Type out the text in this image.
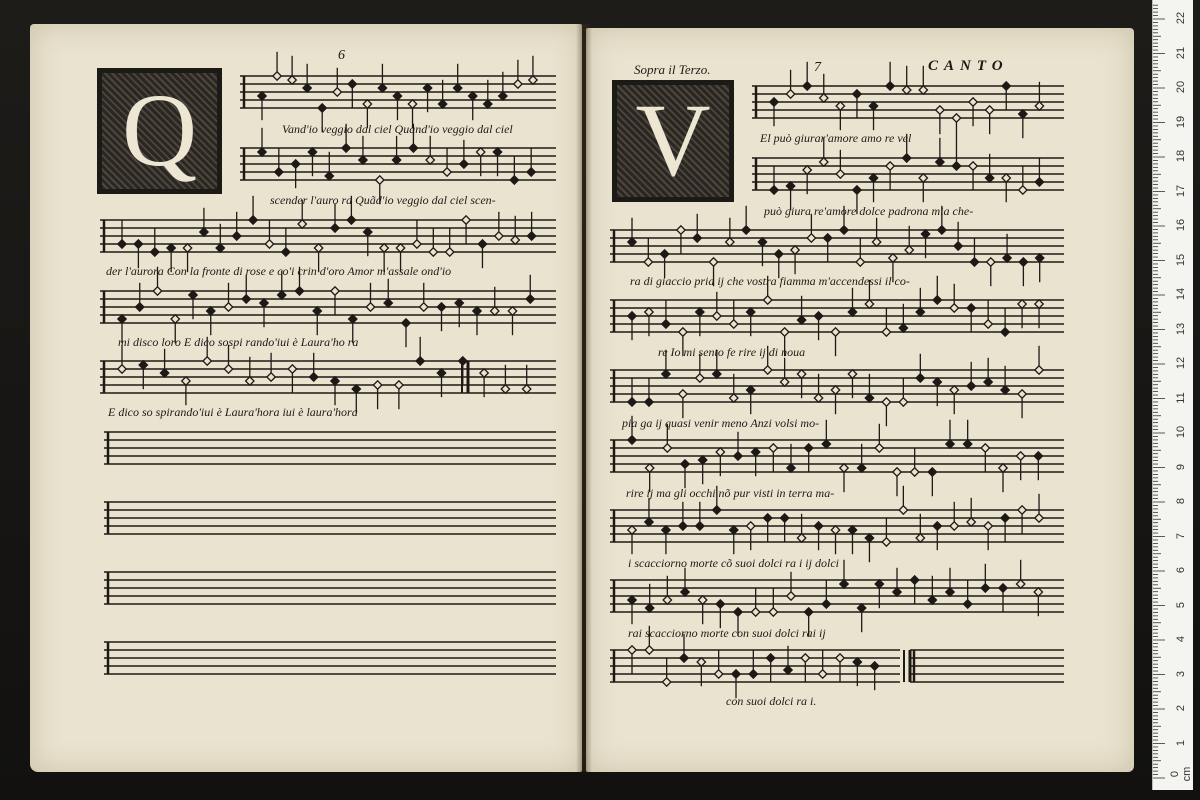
6
Q
Sopra il Terzo.	7	CANTO
V
Vand'io veggio dal ciel Quand'io veggio dal ciel
scender l'auro ra Quãd'io veggio dal ciel scen-
der l'aurora Con la fronte di rose e co'i crin d'oro Amor m'assale ond'io
mi disco loro E dico sospi rando'iui è Laura'ho ra
E dico so spirando'iui è Laura'hora iui è laura'hora
El può giurar'amore amo re vel
può giura re'amore dolce padrona mia che-
ra di giaccio pria ij che vostra fiamma m'accendessi il co-
re Io mi sento fe rire ij di noua
pia ga ij quasi venir meno Anzi volsi mo-
rire ij ma gli occhi nõ pur visti in terra ma-
i scacciorno morte cõ suoi dolci ra i ij dolci
rai scacciorno morte con suoi dolci rai ij
con suoi dolci ra i.
0 cm
1
2
3
4
5
6
7
8
9
10
11
12
13
14
15
16
17
18
19
20
21
22
